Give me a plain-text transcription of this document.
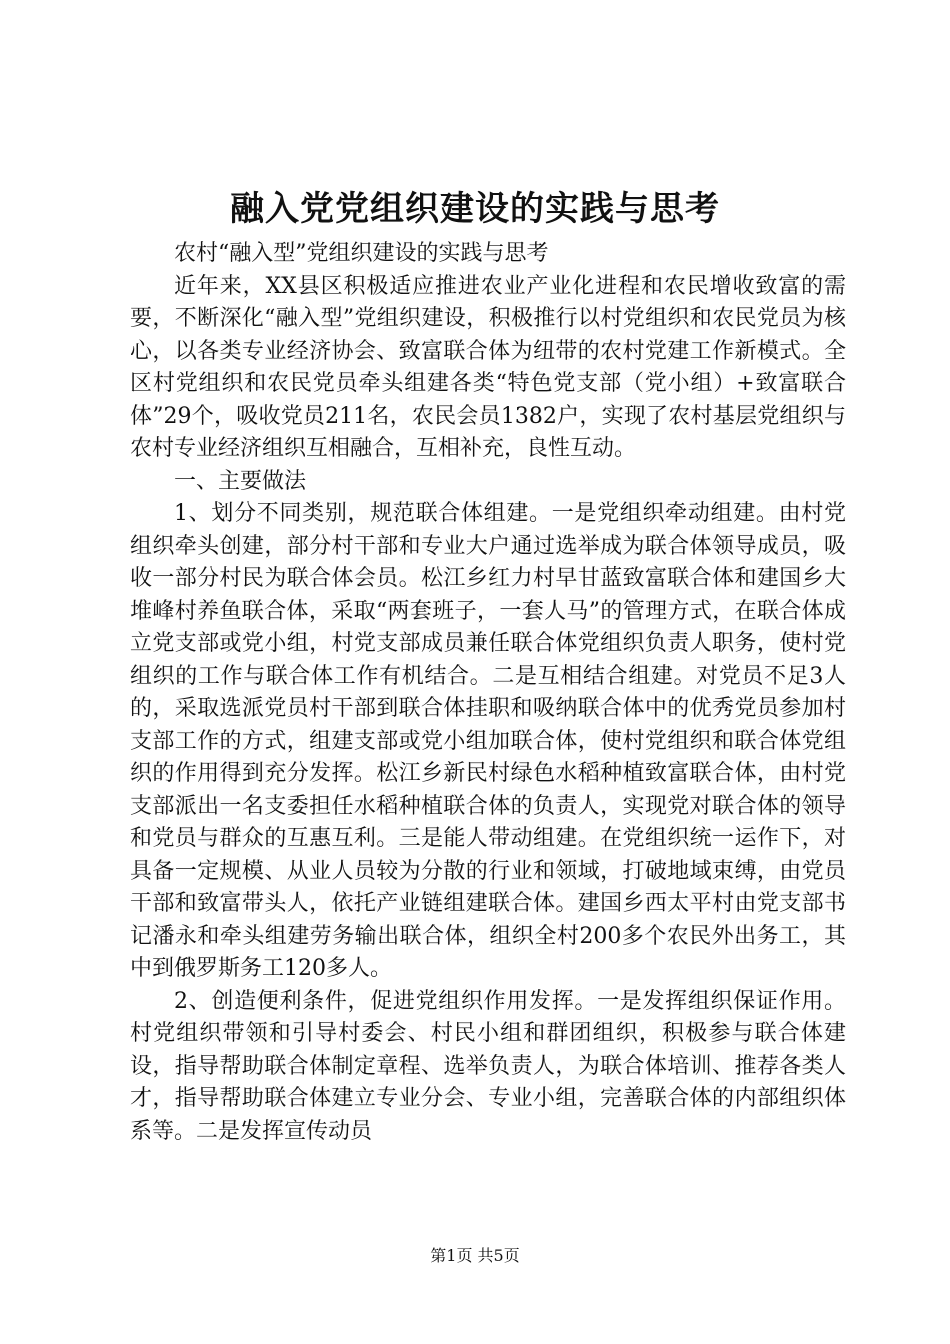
融入党党组织建设的实践与思考

农村“融入型”党组织建设的实践与思考

近年来，XX县区积极适应推进农业产业化进程和农民增收致富的需要，不断深化“融入型”党组织建设，积极推行以村党组织和农民党员为核心，以各类专业经济协会、致富联合体为纽带的农村党建工作新模式。全区村党组织和农民党员牵头组建各类“特色党支部（党小组）+致富联合体”29个，吸收党员211名，农民会员1382户，实现了农村基层党组织与农村专业经济组织互相融合，互相补充，良性互动。

一、主要做法

1、划分不同类别，规范联合体组建。一是党组织牵动组建。由村党组织牵头创建，部分村干部和专业大户通过选举成为联合体领导成员，吸收一部分村民为联合体会员。松江乡红力村早甘蓝致富联合体和建国乡大堆峰村养鱼联合体，采取“两套班子，一套人马”的管理方式，在联合体成立党支部或党小组，村党支部成员兼任联合体党组织负责人职务，使村党组织的工作与联合体工作有机结合。二是互相结合组建。对党员不足3人的，采取选派党员村干部到联合体挂职和吸纳联合体中的优秀党员参加村支部工作的方式，组建支部或党小组加联合体，使村党组织和联合体党组织的作用得到充分发挥。松江乡新民村绿色水稻种植致富联合体，由村党支部派出一名支委担任水稻种植联合体的负责人，实现党对联合体的领导和党员与群众的互惠互利。三是能人带动组建。在党组织统一运作下，对具备一定规模、从业人员较为分散的行业和领域，打破地域束缚，由党员干部和致富带头人，依托产业链组建联合体。建国乡西太平村由党支部书记潘永和牵头组建劳务输出联合体，组织全村200多个农民外出务工，其中到俄罗斯务工120多人。

2、创造便利条件，促进党组织作用发挥。一是发挥组织保证作用。村党组织带领和引导村委会、村民小组和群团组织，积极参与联合体建设，指导帮助联合体制定章程、选举负责人，为联合体培训、推荐各类人才，指导帮助联合体建立专业分会、专业小组，完善联合体的内部组织体系等。二是发挥宣传动员

第1页 共5页
